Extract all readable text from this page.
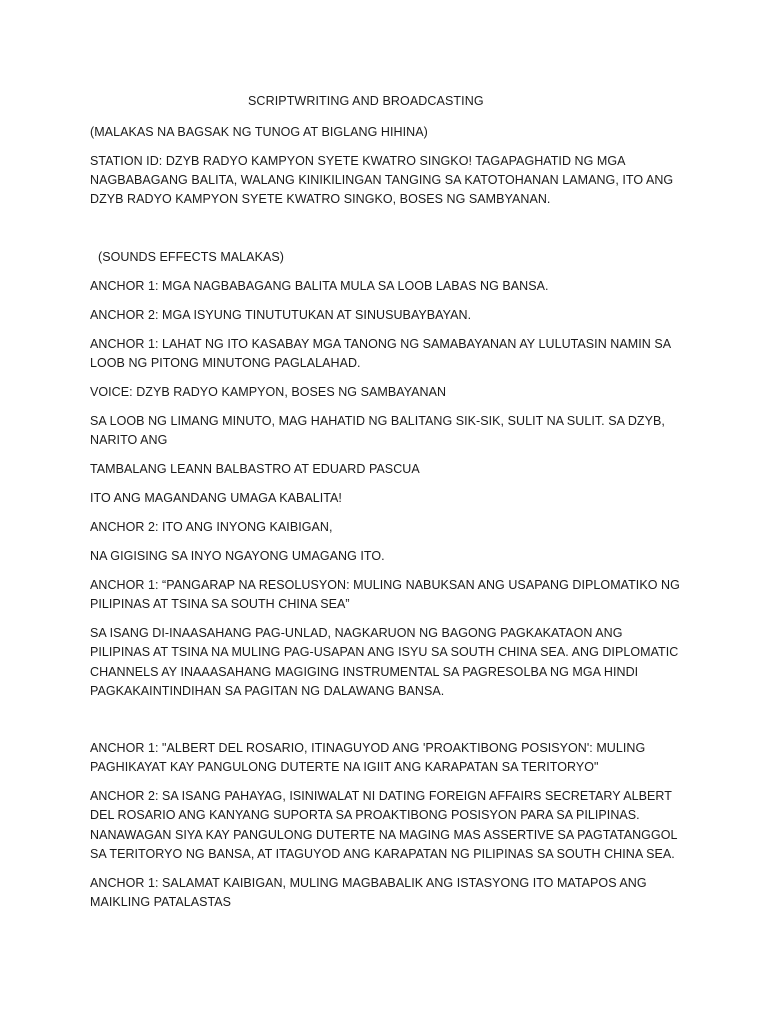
SCRIPTWRITING AND BROADCASTING

(MALAKAS NA BAGSAK NG TUNOG AT BIGLANG HIHINA)

STATION ID: DZYB RADYO KAMPYON SYETE KWATRO SINGKO! TAGAPAGHATID NG MGA NAGBABAGANG BALITA, WALANG KINIKILINGAN TANGING SA KATOTOHANAN LAMANG, ITO ANG DZYB RADYO KAMPYON SYETE KWATRO SINGKO, BOSES NG SAMBYANAN.

(SOUNDS EFFECTS MALAKAS)

ANCHOR 1: MGA NAGBABAGANG BALITA MULA SA LOOB LABAS NG BANSA.

ANCHOR 2: MGA ISYUNG TINUTUTUKAN AT SINUSUBAYBAYAN.

ANCHOR 1: LAHAT NG ITO KASABAY MGA TANONG NG SAMABAYANAN AY LULUTASIN NAMIN SA LOOB NG PITONG MINUTONG PAGLALAHAD.

VOICE: DZYB RADYO KAMPYON, BOSES NG SAMBAYANAN

SA LOOB NG LIMANG MINUTO, MAG HAHATID NG BALITANG SIK-SIK, SULIT NA SULIT. SA DZYB, NARITO ANG

TAMBALANG LEANN BALBASTRO AT EDUARD PASCUA

ITO ANG MAGANDANG UMAGA KABALITA!

ANCHOR 2: ITO ANG INYONG KAIBIGAN,

NA GIGISING SA INYO NGAYONG UMAGANG ITO.

ANCHOR 1: “PANGARAP NA RESOLUSYON: MULING NABUKSAN ANG USAPANG DIPLOMATIKO NG PILIPINAS AT TSINA SA SOUTH CHINA SEA”

SA ISANG DI-INAASAHANG PAG-UNLAD, NAGKARUON NG BAGONG PAGKAKATAON ANG PILIPINAS AT TSINA NA MULING PAG-USAPAN ANG ISYU SA SOUTH CHINA SEA. ANG DIPLOMATIC CHANNELS AY INAAASAHANG MAGIGING INSTRUMENTAL SA PAGRESOLBA NG MGA HINDI PAGKAKAINTINDIHAN SA PAGITAN NG DALAWANG BANSA.

ANCHOR 1: "ALBERT DEL ROSARIO, ITINAGUYOD ANG 'PROAKTIBONG POSISYON': MULING PAGHIKAYAT KAY PANGULONG DUTERTE NA IGIIT ANG KARAPATAN SA TERITORYO"

ANCHOR 2: SA ISANG PAHAYAG, ISINIWALAT NI DATING FOREIGN AFFAIRS SECRETARY ALBERT DEL ROSARIO ANG KANYANG SUPORTA SA PROAKTIBONG POSISYON PARA SA PILIPINAS. NANAWAGAN SIYA KAY PANGULONG DUTERTE NA MAGING MAS ASSERTIVE SA PAGTATANGGOL SA TERITORYO NG BANSA, AT ITAGUYOD ANG KARAPATAN NG PILIPINAS SA SOUTH CHINA SEA.

ANCHOR 1: SALAMAT KAIBIGAN, MULING MAGBABALIK ANG ISTASYONG ITO MATAPOS ANG MAIKLING PATALASTAS
